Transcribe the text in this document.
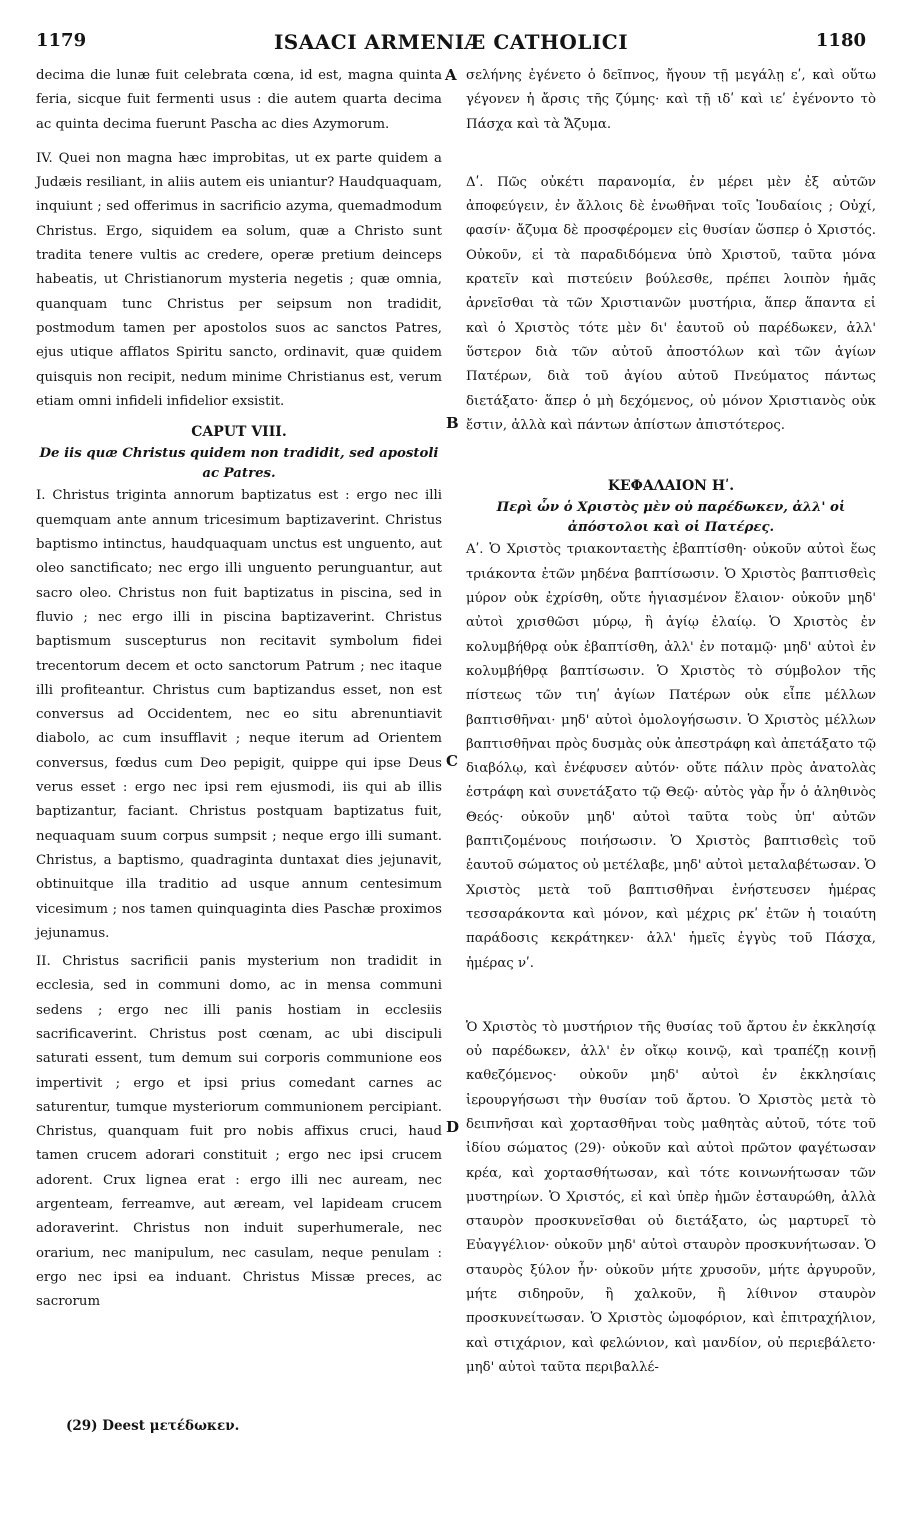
1179	ISAACI ARMENIÆ CATHOLICI	1180

decima die lunæ fuit celebrata cœna, id est, magna quinta feria, sicque fuit fermenti usus : die autem quarta decima ac quinta decima fuerunt Pascha ac dies Azymorum.

IV. Quei non magna hæc improbitas, ut ex parte quidem a Judæis resiliant, in aliis autem eis uniantur? Haudquaquam, inquiunt ; sed offerimus in sacrificio azyma, quemadmodum Christus. Ergo, siquidem ea solum, quæ a Christo sunt tradita tenere vultis ac credere, operæ pretium deinceps habeatis, ut Christianorum mysteria negetis ; quæ omnia, quanquam tunc Christus per seipsum non tradidit, postmodum tamen per apostolos suos ac sanctos Patres, ejus utique afflatos Spiritu sancto, ordinavit, quæ quidem quisquis non recipit, nedum minime Christianus est, verum etiam omni infideli infidelior exsistit.

CAPUT VIII.
De iis quæ Christus quidem non tradidit, sed apostoli ac Patres.

I. Christus triginta annorum baptizatus est : ergo nec illi quemquam ante annum tricesimum baptizaverint. Christus baptismo intinctus, haudquaquam unctus est unguento, aut oleo sanctificato; nec ergo illi unguento perunguantur, aut sacro oleo. Christus non fuit baptizatus in piscina, sed in fluvio ; nec ergo illi in piscina baptizaverint. Christus baptismum suscepturus non recitavit symbolum fidei trecentorum decem et octo sanctorum Patrum ; nec itaque illi profiteantur. Christus cum baptizandus esset, non est conversus ad Occidentem, nec eo situ abrenuntiavit diabolo, ac cum insufflavit ; neque iterum ad Orientem conversus, fœdus cum Deo pepigit, quippe qui ipse Deus verus esset : ergo nec ipsi rem ejusmodi, iis qui ab illis baptizantur, faciant. Christus postquam baptizatus fuit, nequaquam suum corpus sumpsit ; neque ergo illi sumant. Christus, a baptismo, quadraginta duntaxat dies jejunavit, obtinuitque illa traditio ad usque annum centesimum vicesimum ; nos tamen quinquaginta dies Paschæ proximos jejunamus.

II. Christus sacrificii panis mysterium non tradidit in ecclesia, sed in communi domo, ac in mensa communi sedens ; ergo nec illi panis hostiam in ecclesiis sacrificaverint. Christus post cœnam, ac ubi discipuli saturati essent, tum demum sui corporis communione eos impertivit ; ergo et ipsi prius comedant carnes ac saturentur, tumque mysteriorum communionem percipiant. Christus, quanquam fuit pro nobis affixus cruci, haud tamen crucem adorari constituit ; ergo nec ipsi crucem adorent. Crux lignea erat : ergo illi nec auream, nec argenteam, ferreamve, aut æream, vel lapideam crucem adoraverint. Christus non induit superhumerale, nec orarium, nec manipulum, nec casulam, neque penulam : ergo nec ipsi ea induant. Christus Missæ preces, ac sacrorum

σελήνης ἐγένετο ὁ δεῖπνος, ἤγουν τῇ μεγάλῃ εʹ, καὶ οὕτω γέγονεν ἡ ἄρσις τῆς ζύμης· καὶ τῇ ιδʹ καὶ ιεʹ ἐγένοντο τὸ Πάσχα καὶ τὰ Ἄζυμα.

Δʹ. Πῶς οὐκέτι παρανομία, ἐν μέρει μὲν ἐξ αὐτῶν ἀποφεύγειν, ἐν ἄλλοις δὲ ἑνωθῆναι τοῖς Ἰουδαίοις ; Οὐχί, φασίν· ἄζυμα δὲ προσφέρομεν εἰς θυσίαν ὥσπερ ὁ Χριστός. Οὐκοῦν, εἰ τὰ παραδιδόμενα ὑπὸ Χριστοῦ, ταῦτα μόνα κρατεῖν καὶ πιστεύειν βούλεσθε, πρέπει λοιπὸν ἡμᾶς ἀρνεῖσθαι τὰ τῶν Χριστιανῶν μυστήρια, ἅπερ ἅπαντα εἰ καὶ ὁ Χριστὸς τότε μὲν δι' ἑαυτοῦ οὐ παρέδωκεν, ἀλλ' ὕστερον διὰ τῶν αὐτοῦ ἀποστόλων καὶ τῶν ἁγίων Πατέρων, διὰ τοῦ ἁγίου αὐτοῦ Πνεύματος πάντως διετάξατο· ἅπερ ὁ μὴ δεχόμενος, οὐ μόνον Χριστιανὸς οὐκ ἔστιν, ἀλλὰ καὶ πάντων ἀπίστων ἀπιστότερος.

ΚΕΦΑΛΑΙΟΝ Ηʹ.
Περὶ ὧν ὁ Χριστὸς μὲν οὐ παρέδωκεν, ἀλλ' οἱ ἀπόστολοι καὶ οἱ Πατέρες.

Αʹ. Ὁ Χριστὸς τριακονταετὴς ἐβαπτίσθη· οὐκοῦν αὐτοὶ ἕως τριάκοντα ἐτῶν μηδένα βαπτίσωσιν. Ὁ Χριστὸς βαπτισθεὶς μύρον οὐκ ἐχρίσθη, οὔτε ἡγιασμένον ἔλαιον· οὐκοῦν μηδ' αὐτοὶ χρισθῶσι μύρῳ, ἢ ἁγίῳ ἐλαίῳ. Ὁ Χριστὸς ἐν κολυμβήθρᾳ οὐκ ἐβαπτίσθη, ἀλλ' ἐν ποταμῷ· μηδ' αὐτοὶ ἐν κολυμβήθρᾳ βαπτίσωσιν. Ὁ Χριστὸς τὸ σύμβολον τῆς πίστεως τῶν τιηʹ ἁγίων Πατέρων οὐκ εἶπε μέλλων βαπτισθῆναι· μηδ' αὐτοὶ ὁμολογήσωσιν. Ὁ Χριστὸς μέλλων βαπτισθῆναι πρὸς δυσμὰς οὐκ ἀπεστράφη καὶ ἀπετάξατο τῷ διαβόλῳ, καὶ ἐνέφυσεν αὐτόν· οὔτε πάλιν πρὸς ἀνατολὰς ἐστράφη καὶ συνετάξατο τῷ Θεῷ· αὐτὸς γὰρ ἦν ὁ ἀληθινὸς Θεός· οὐκοῦν μηδ' αὐτοὶ ταῦτα τοὺς ὑπ' αὐτῶν βαπτιζομένους ποιήσωσιν. Ὁ Χριστὸς βαπτισθεὶς τοῦ ἑαυτοῦ σώματος οὐ μετέλαβε, μηδ' αὐτοὶ μεταλαβέτωσαν. Ὁ Χριστὸς μετὰ τοῦ βαπτισθῆναι ἐνήστευσεν ἡμέρας τεσσαράκοντα καὶ μόνον, καὶ μέχρις ρκʹ ἐτῶν ἡ τοιαύτη παράδοσις κεκράτηκεν· ἀλλ' ἡμεῖς ἐγγὺς τοῦ Πάσχα, ἡμέρας νʹ.

Ὁ Χριστὸς τὸ μυστήριον τῆς θυσίας τοῦ ἄρτου ἐν ἐκκλησίᾳ οὐ παρέδωκεν, ἀλλ' ἐν οἴκῳ κοινῷ, καὶ τραπέζῃ κοινῇ καθεζόμενος· οὐκοῦν μηδ' αὐτοὶ ἐν ἐκκλησίαις ἱερουργήσωσι τὴν θυσίαν τοῦ ἄρτου. Ὁ Χριστὸς μετὰ τὸ δειπνῆσαι καὶ χορτασθῆναι τοὺς μαθητὰς αὐτοῦ, τότε τοῦ ἰδίου σώματος (29)· οὐκοῦν καὶ αὐτοὶ πρῶτον φαγέτωσαν κρέα, καὶ χορτασθήτωσαν, καὶ τότε κοινωνήτωσαν τῶν μυστηρίων. Ὁ Χριστός, εἰ καὶ ὑπὲρ ἡμῶν ἐσταυρώθη, ἀλλὰ σταυρὸν προσκυνεῖσθαι οὐ διετάξατο, ὡς μαρτυρεῖ τὸ Εὐαγγέλιον· οὐκοῦν μηδ' αὐτοὶ σταυρὸν προσκυνήτωσαν. Ὁ σταυρὸς ξύλον ἦν· οὐκοῦν μήτε χρυσοῦν, μήτε ἀργυροῦν, μήτε σιδηροῦν, ἢ χαλκοῦν, ἢ λίθινον σταυρὸν προσκυνείτωσαν. Ὁ Χριστὸς ὠμοφόριον, καὶ ἐπιτραχήλιον, καὶ στιχάριον, καὶ φελώνιον, καὶ μανδίον, οὐ περιεβάλετο· μηδ' αὐτοὶ ταῦτα περιβαλλέ-

A
B
C
D
(29) Deest μετέδωκεν.
